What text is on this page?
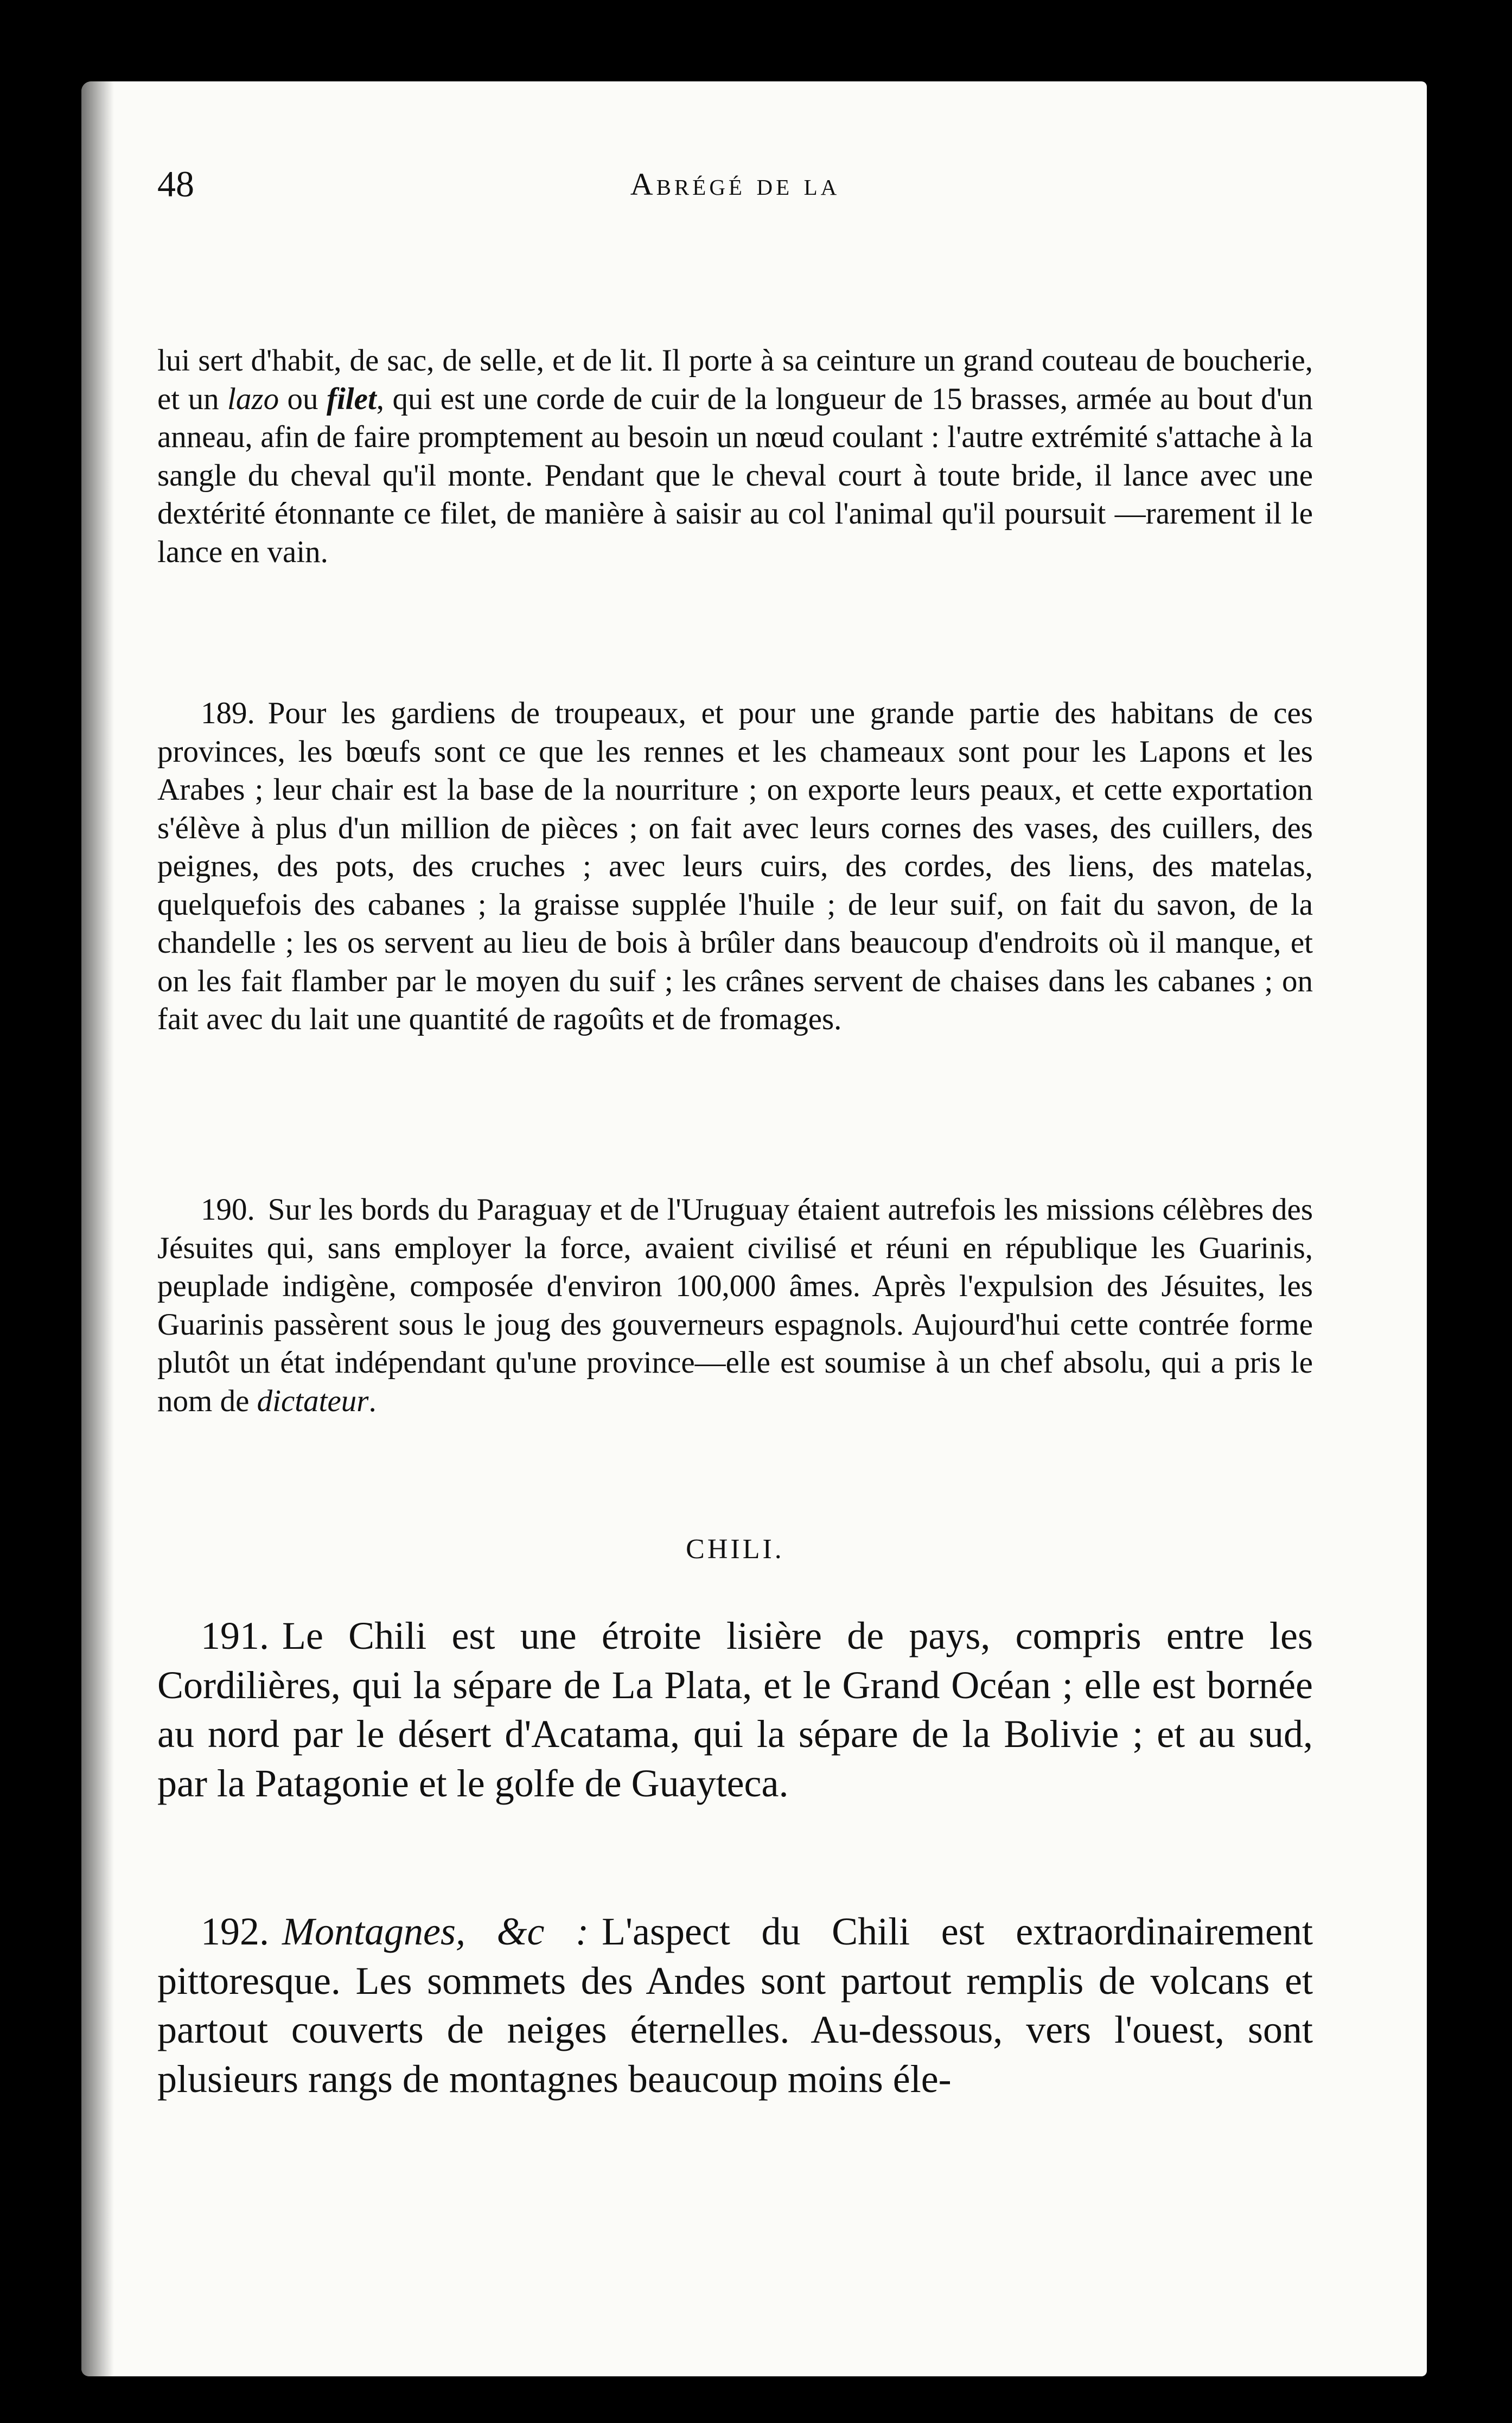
48	Abrégé de la

lui sert d'habit, de sac, de selle, et de lit. Il porte à sa ceinture un grand couteau de boucherie, et un lazo ou filet, qui est une corde de cuir de la longueur de 15 brasses, armée au bout d'un anneau, afin de faire promptement au besoin un nœud coulant : l'autre extrémité s'attache à la sangle du cheval qu'il monte. Pendant que le cheval court à toute bride, il lance avec une dextérité étonnante ce filet, de manière à saisir au col l'animal qu'il poursuit —rarement il le lance en vain.

189. Pour les gardiens de troupeaux, et pour une grande partie des habitans de ces provinces, les bœufs sont ce que les rennes et les chameaux sont pour les Lapons et les Arabes ; leur chair est la base de la nourriture ; on exporte leurs peaux, et cette exportation s'élève à plus d'un million de pièces ; on fait avec leurs cornes des vases, des cuillers, des peignes, des pots, des cruches ; avec leurs cuirs, des cordes, des liens, des matelas, quelquefois des cabanes ; la graisse supplée l'huile ; de leur suif, on fait du savon, de la chandelle ; les os servent au lieu de bois à brûler dans beaucoup d'endroits où il manque, et on les fait flamber par le moyen du suif ; les crânes servent de chaises dans les cabanes ; on fait avec du lait une quantité de ragoûts et de fromages.

190. Sur les bords du Paraguay et de l'Uruguay étaient autrefois les missions célèbres des Jésuites qui, sans employer la force, avaient civilisé et réuni en république les Guarinis, peuplade indigène, composée d'environ 100,000 âmes. Après l'expulsion des Jésuites, les Guarinis passèrent sous le joug des gouverneurs espagnols. Aujourd'hui cette contrée forme plutôt un état indépendant qu'une province—elle est soumise à un chef absolu, qui a pris le nom de dictateur.

CHILI.

191. Le Chili est une étroite lisière de pays, compris entre les Cordilières, qui la sépare de La Plata, et le Grand Océan ; elle est bornée au nord par le désert d'Acatama, qui la sépare de la Bolivie ; et au sud, par la Patagonie et le golfe de Guayteca.

192. Montagnes, &c : L'aspect du Chili est extraordinairement pittoresque. Les sommets des Andes sont partout remplis de volcans et partout couverts de neiges éternelles. Au-dessous, vers l'ouest, sont plusieurs rangs de montagnes beaucoup moins éle-
